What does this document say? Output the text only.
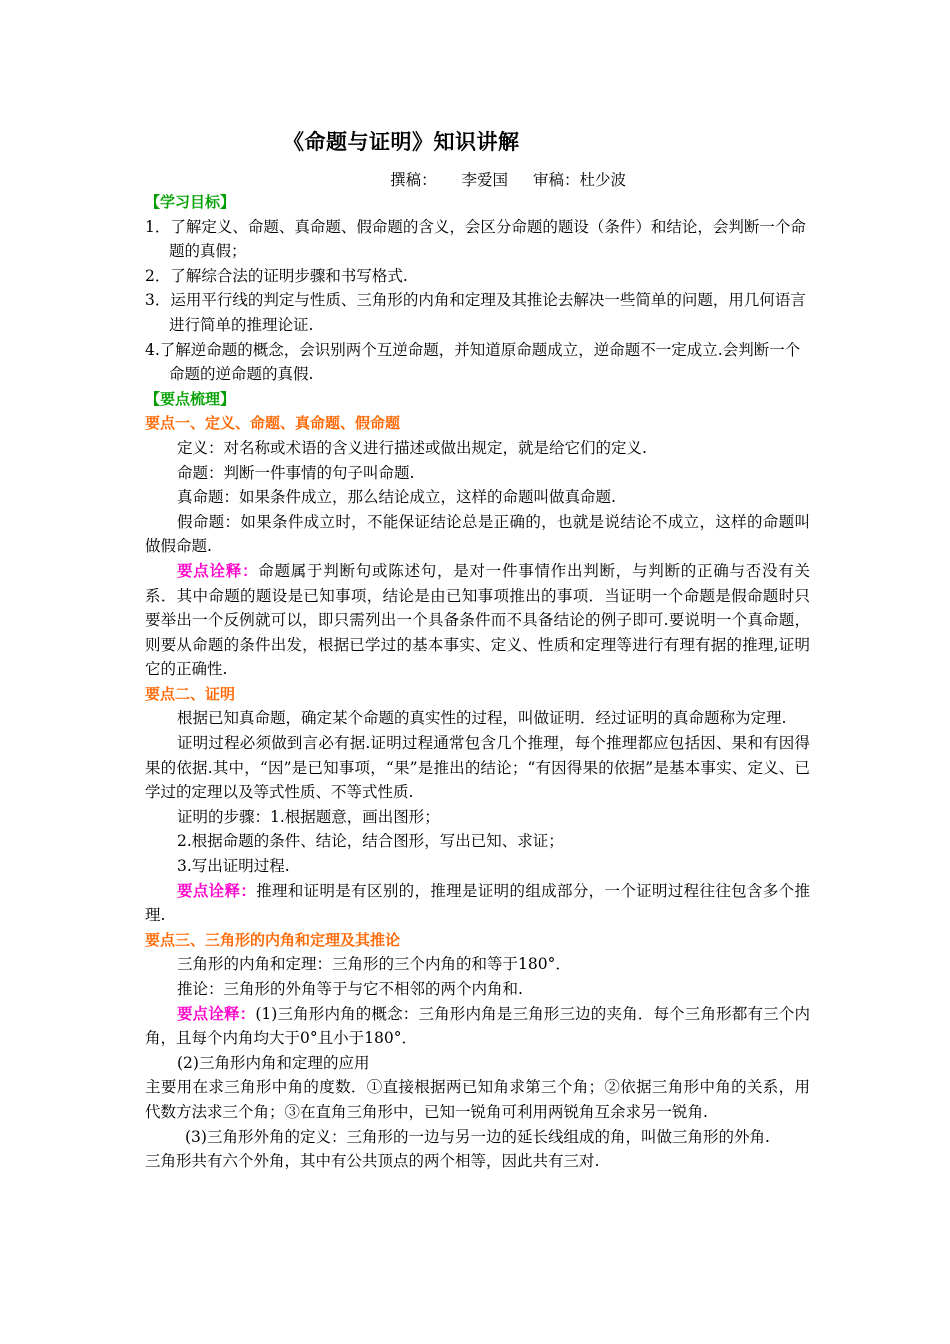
《命题与证明》知识讲解
撰稿： 李爱国 审稿：杜少波

【学习目标】

1．了解定义、命题、真命题、假命题的含义，会区分命题的题设（条件）和结论，会判断一个命题的真假；

2．了解综合法的证明步骤和书写格式.

3．运用平行线的判定与性质、三角形的内角和定理及其推论去解决一些简单的问题，用几何语言进行简单的推理论证.

4.了解逆命题的概念，会识别两个互逆命题，并知道原命题成立，逆命题不一定成立.会判断一个命题的逆命题的真假.

【要点梳理】

要点一、定义、命题、真命题、假命题

定义：对名称或术语的含义进行描述或做出规定，就是给它们的定义.

命题：判断一件事情的句子叫命题.

真命题：如果条件成立，那么结论成立，这样的命题叫做真命题.

假命题：如果条件成立时，不能保证结论总是正确的，也就是说结论不成立，这样的命题叫做假命题.

要点诠释：命题属于判断句或陈述句，是对一件事情作出判断，与判断的正确与否没有关系．其中命题的题设是已知事项，结论是由已知事项推出的事项．当证明一个命题是假命题时只要举出一个反例就可以，即只需列出一个具备条件而不具备结论的例子即可.要说明一个真命题，则要从命题的条件出发，根据已学过的基本事实、定义、性质和定理等进行有理有据的推理,证明它的正确性.

要点二、证明

根据已知真命题，确定某个命题的真实性的过程，叫做证明．经过证明的真命题称为定理.

证明过程必须做到言必有据.证明过程通常包含几个推理，每个推理都应包括因、果和有因得果的依据.其中，“因”是已知事项，“果”是推出的结论；“有因得果的依据”是基本事实、定义、已学过的定理以及等式性质、不等式性质.

证明的步骤：1.根据题意，画出图形；

2.根据命题的条件、结论，结合图形，写出已知、求证；

3.写出证明过程.

要点诠释：推理和证明是有区别的，推理是证明的组成部分，一个证明过程往往包含多个推理.

要点三、三角形的内角和定理及其推论

三角形的内角和定理：三角形的三个内角的和等于180°．

推论：三角形的外角等于与它不相邻的两个内角和.

要点诠释：(1)三角形内角的概念：三角形内角是三角形三边的夹角．每个三角形都有三个内角，且每个内角均大于0°且小于180°．

(2)三角形内角和定理的应用

主要用在求三角形中角的度数．①直接根据两已知角求第三个角；②依据三角形中角的关系，用代数方法求三个角；③在直角三角形中，已知一锐角可利用两锐角互余求另一锐角.

(3)三角形外角的定义：三角形的一边与另一边的延长线组成的角，叫做三角形的外角.

三角形共有六个外角，其中有公共顶点的两个相等，因此共有三对.
